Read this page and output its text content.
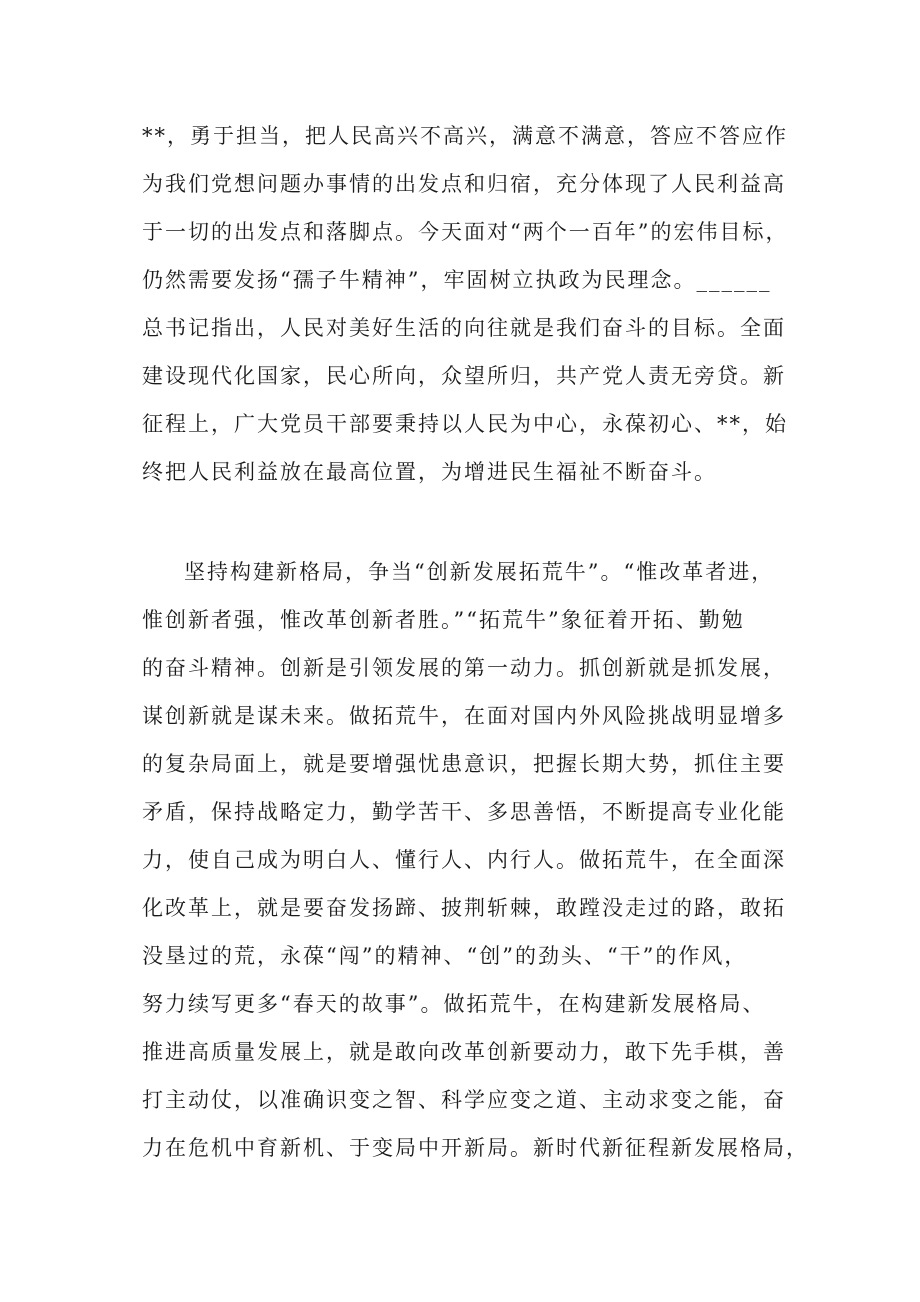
**，勇于担当，把人民高兴不高兴，满意不满意，答应不答应作
为我们党想问题办事情的出发点和归宿，充分体现了人民利益高
于一切的出发点和落脚点。今天面对“两个一百年”的宏伟目标，
仍然需要发扬“孺子牛精神”，牢固树立执政为民理念。______
总书记指出，人民对美好生活的向往就是我们奋斗的目标。全面
建设现代化国家，民心所向，众望所归，共产党人责无旁贷。新
征程上，广大党员干部要秉持以人民为中心，永葆初心、**，始
终把人民利益放在最高位置，为增进民生福祉不断奋斗。
坚持构建新格局，争当“创新发展拓荒牛”。“惟改革者进，
惟创新者强，惟改革创新者胜。”“拓荒牛”象征着开拓、勤勉
的奋斗精神。创新是引领发展的第一动力。抓创新就是抓发展，
谋创新就是谋未来。做拓荒牛，在面对国内外风险挑战明显增多
的复杂局面上，就是要增强忧患意识，把握长期大势，抓住主要
矛盾，保持战略定力，勤学苦干、多思善悟，不断提高专业化能
力，使自己成为明白人、懂行人、内行人。做拓荒牛，在全面深
化改革上，就是要奋发扬蹄、披荆斩棘，敢蹚没走过的路，敢拓
没垦过的荒，永葆“闯”的精神、“创”的劲头、“干”的作风，
努力续写更多“春天的故事”。做拓荒牛，在构建新发展格局、
推进高质量发展上，就是敢向改革创新要动力，敢下先手棋，善
打主动仗，以准确识变之智、科学应变之道、主动求变之能，奋
力在危机中育新机、于变局中开新局。新时代新征程新发展格局，
